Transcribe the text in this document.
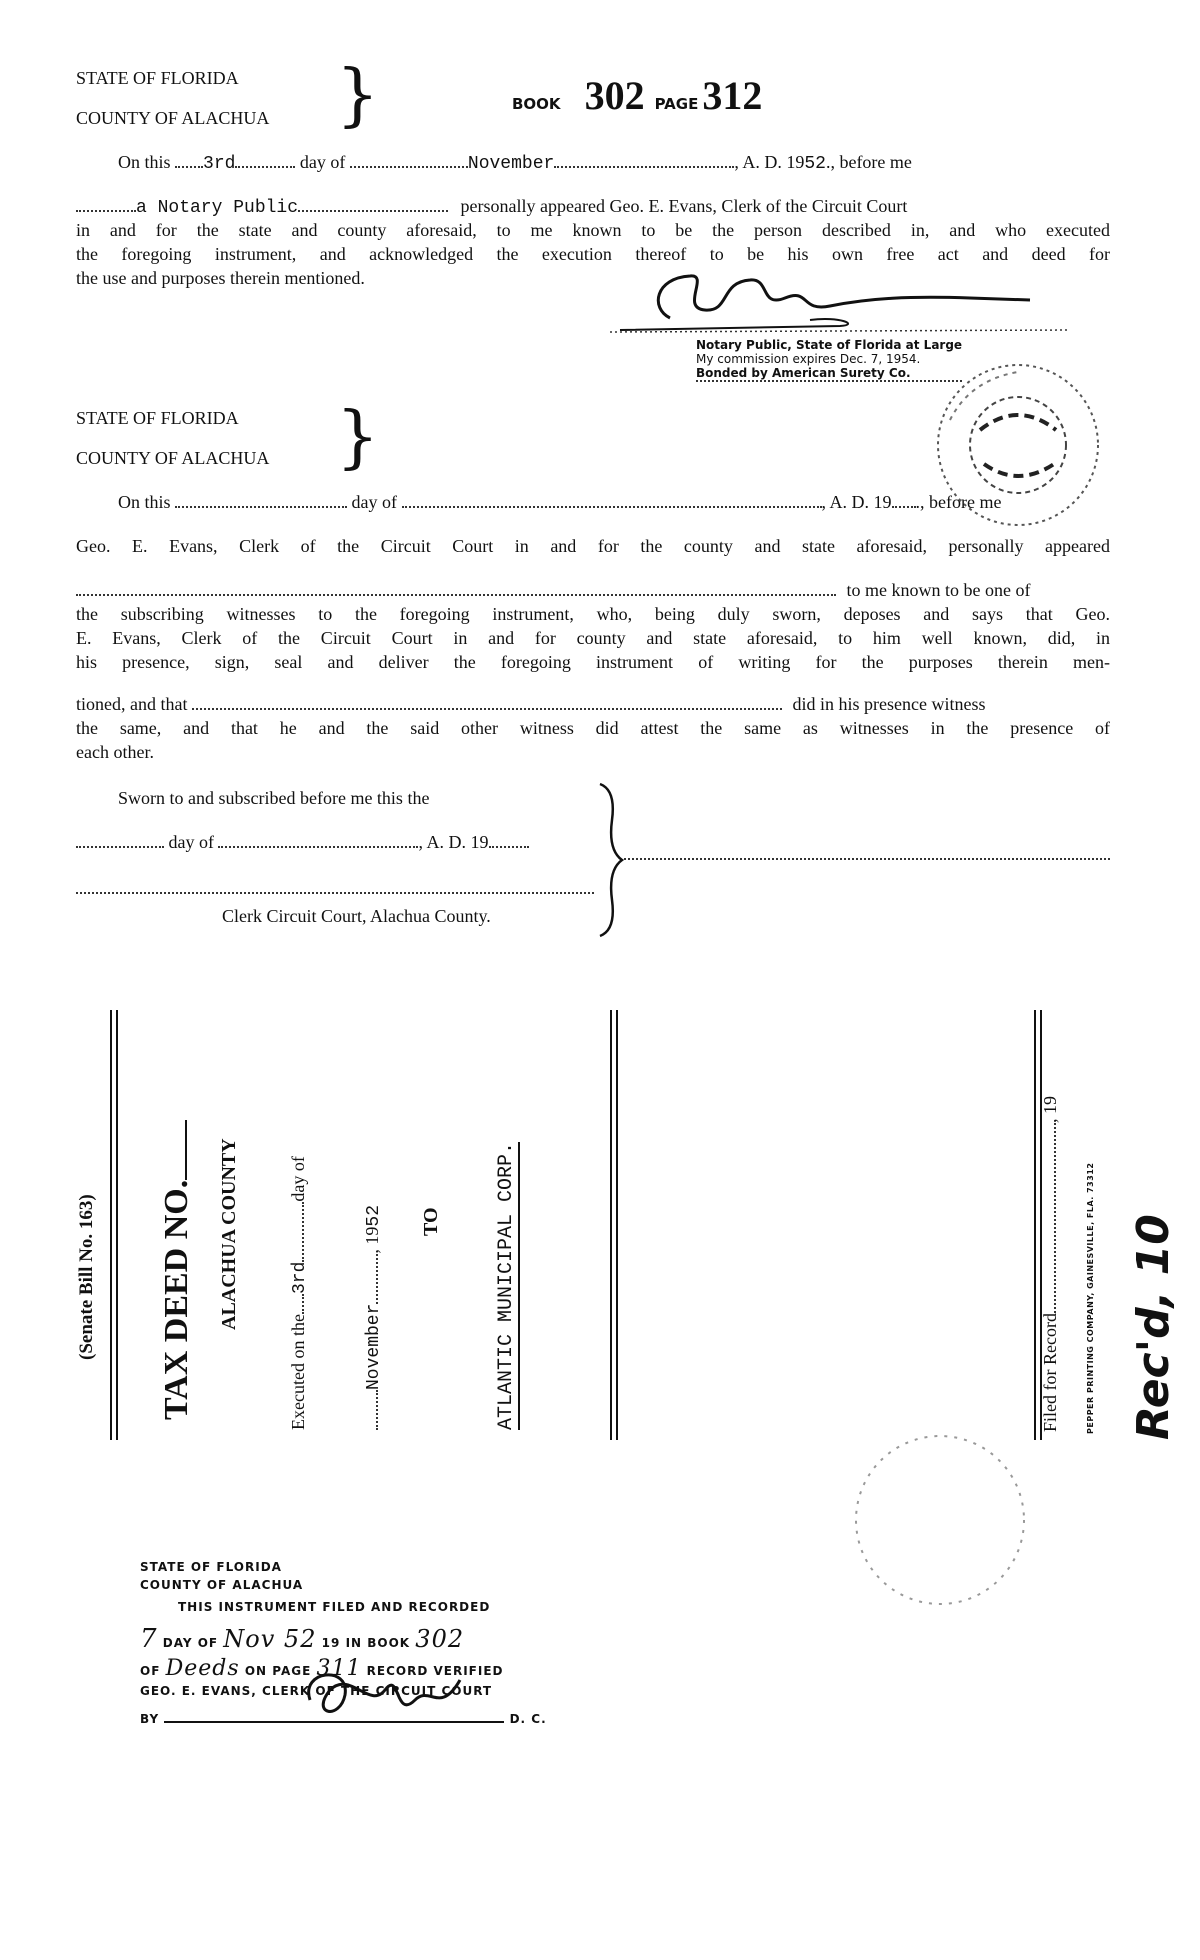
STATE OF FLORIDA
COUNTY OF ALACHUA }	BOOK 302 PAGE 312
On this 3rd	day of	November	, A. D. 1952., before me
a Notary Public	personally appeared Geo. E. Evans, Clerk of the Circuit Court
in and for the state and county aforesaid, to me known to be the person described in, and who executed
the foregoing instrument, and acknowledged the execution thereof to be his own free act and deed for
the use and purposes therein mentioned.
Notary Public, State of Florida at Large
My commission expires Dec. 7, 1954.
Bonded by American Surety Co.
STATE OF FLORIDA
COUNTY OF ALACHUA }
On this	day of	, A. D. 19 ., before me
Geo. E. Evans, Clerk of the Circuit Court in and for the county and state aforesaid, personally appeared
to me known to be one of
the subscribing witnesses to the foregoing instrument, who, being duly sworn, deposes and says that Geo.
E. Evans, Clerk of the Circuit Court in and for county and state aforesaid, to him well known, did, in
his presence, sign, seal and deliver the foregoing instrument of writing for the purposes therein men-
tioned, and that	did in his presence witness
the same, and that he and the said other witness did attest the same as witnesses in the presence of
each other.
Sworn to and subscribed before me this the
day of	, A. D. 19
Clerk Circuit Court, Alachua County.
(Senate Bill No. 163) TAX DEED NO. ALACHUA COUNTY
Executed on the3rdday of
November, 1952 TO	ATLANTIC MUNICIPAL CORP.	Filed for Record, 19
PEPPER PRINTING COMPANY, GAINESVILLE, FLA. 73312 Rec'd, 10
STATE OF FLORIDA
COUNTY OF ALACHUA
THIS INSTRUMENT FILED AND RECORDED
7 DAY OF Nov 52 19 IN BOOK 302
OF Deeds ON PAGE 311 RECORD VERIFIED
GEO. E. EVANS, CLERK OF THE CIRCUIT COURT
BY	D. C.
